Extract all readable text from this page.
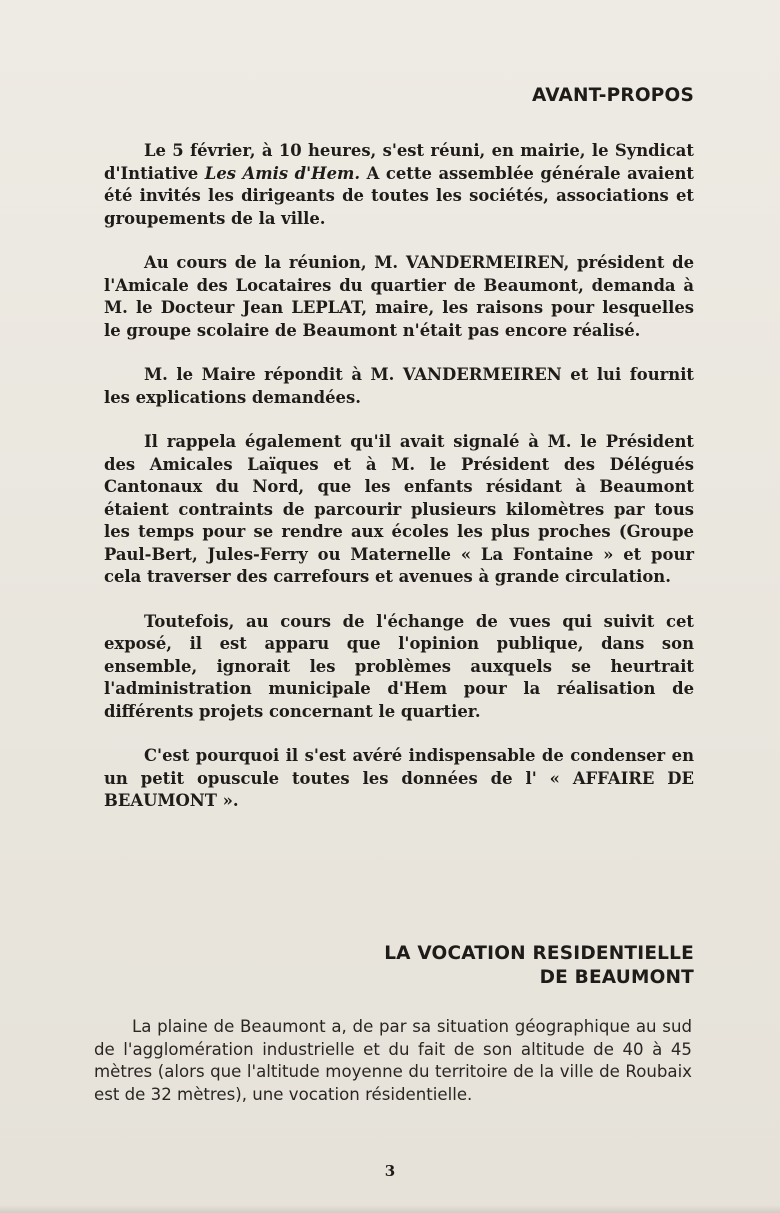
AVANT-PROPOS

Le 5 février, à 10 heures, s'est réuni, en mairie, le Syndicat d'Intiative Les Amis d'Hem. A cette assemblée générale avaient été invités les dirigeants de toutes les sociétés, associations et groupements de la ville.

Au cours de la réunion, M. VANDERMEIREN, président de l'Amicale des Locataires du quartier de Beaumont, demanda à M. le Docteur Jean LEPLAT, maire, les raisons pour lesquelles le groupe scolaire de Beaumont n'était pas encore réalisé.

M. le Maire répondit à M. VANDERMEIREN et lui fournit les explications demandées.

Il rappela également qu'il avait signalé à M. le Président des Amicales Laïques et à M. le Président des Délégués Cantonaux du Nord, que les enfants résidant à Beaumont étaient contraints de parcourir plusieurs kilomètres par tous les temps pour se rendre aux écoles les plus proches (Groupe Paul-Bert, Jules-Ferry ou Maternelle « La Fontaine » et pour cela traverser des carrefours et avenues à grande circulation.

Toutefois, au cours de l'échange de vues qui suivit cet exposé, il est apparu que l'opinion publique, dans son ensemble, ignorait les problèmes auxquels se heurtrait l'administration municipale d'Hem pour la réalisation de différents projets concernant le quartier.

C'est pourquoi il s'est avéré indispensable de condenser en un petit opuscule toutes les données de l' « AFFAIRE DE BEAUMONT ».

LA VOCATION RESIDENTIELLE
DE BEAUMONT

La plaine de Beaumont a, de par sa situation géographique au sud de l'agglomération industrielle et du fait de son altitude de 40 à 45 mètres (alors que l'altitude moyenne du territoire de la ville de Roubaix est de 32 mètres), une vocation résidentielle.

3
